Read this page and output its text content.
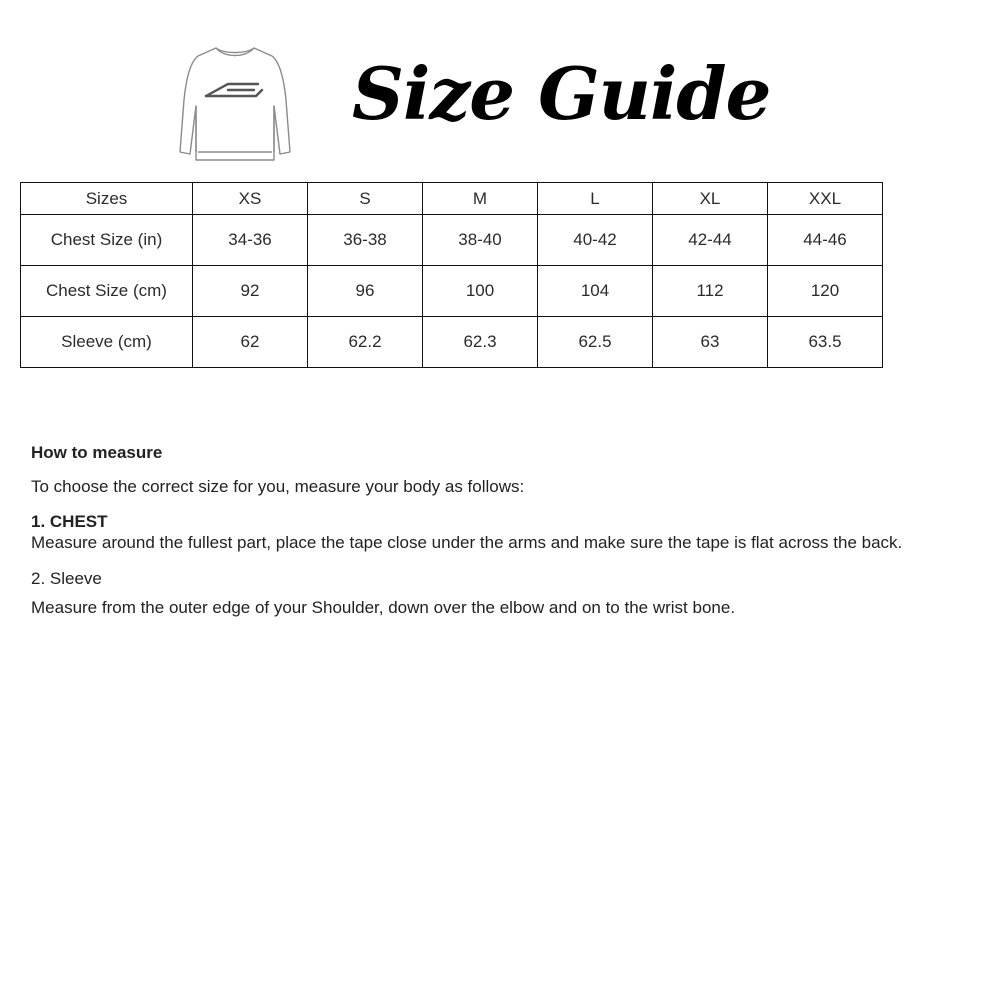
Size Guide
Sizes	XS	S	M	L	XL	XXL
Chest Size (in)	34-36	36-38	38-40	40-42	42-44	44-46
Chest Size (cm)	92	96	100	104	112	120
Sleeve (cm)	62	62.2	62.3	62.5	63	63.5

How to measure

To choose the correct size for you, measure your body as follows:

1. CHEST

Measure around the fullest part, place the tape close under the arms and make sure the tape is flat across the back.

2. Sleeve

Measure from the outer edge of your Shoulder, down over the elbow and on to the wrist bone.
